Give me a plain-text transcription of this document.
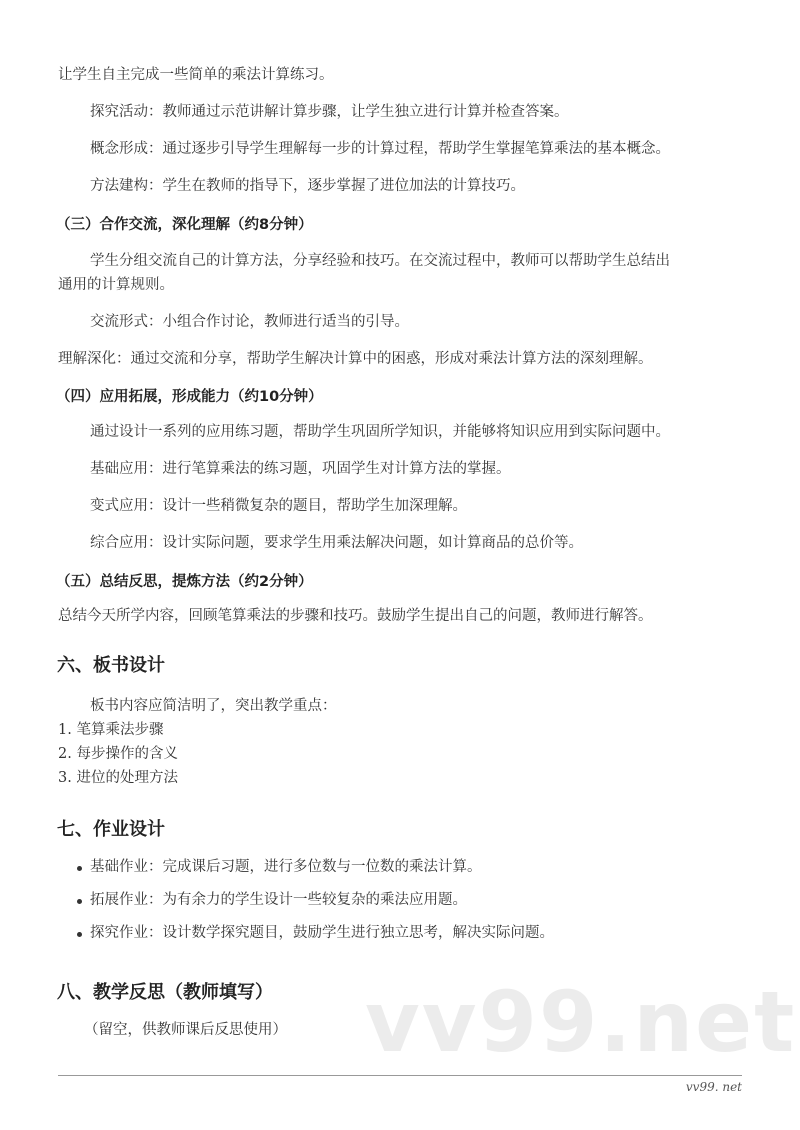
让学生自主完成一些简单的乘法计算练习。
探究活动：教师通过示范讲解计算步骤，让学生独立进行计算并检查答案。
概念形成：通过逐步引导学生理解每一步的计算过程，帮助学生掌握笔算乘法的基本概念。
方法建构：学生在教师的指导下，逐步掌握了进位加法的计算技巧。
（三）合作交流，深化理解（约8分钟）
学生分组交流自己的计算方法，分享经验和技巧。在交流过程中，教师可以帮助学生总结出
通用的计算规则。
交流形式：小组合作讨论，教师进行适当的引导。
理解深化：通过交流和分享，帮助学生解决计算中的困惑，形成对乘法计算方法的深刻理解。
（四）应用拓展，形成能力（约10分钟）
通过设计一系列的应用练习题，帮助学生巩固所学知识，并能够将知识应用到实际问题中。
基础应用：进行笔算乘法的练习题，巩固学生对计算方法的掌握。
变式应用：设计一些稍微复杂的题目，帮助学生加深理解。
综合应用：设计实际问题，要求学生用乘法解决问题，如计算商品的总价等。
（五）总结反思，提炼方法（约2分钟）
总结今天所学内容，回顾笔算乘法的步骤和技巧。鼓励学生提出自己的问题，教师进行解答。
六、板书设计
板书内容应简洁明了，突出教学重点：
1. 笔算乘法步骤
2. 每步操作的含义
3. 进位的处理方法
七、作业设计
基础作业：完成课后习题，进行多位数与一位数的乘法计算。
拓展作业：为有余力的学生设计一些较复杂的乘法应用题。
探究作业：设计数学探究题目，鼓励学生进行独立思考，解决实际问题。
vv99.net
八、教学反思（教师填写）
（留空，供教师课后反思使用）
vv99. net
